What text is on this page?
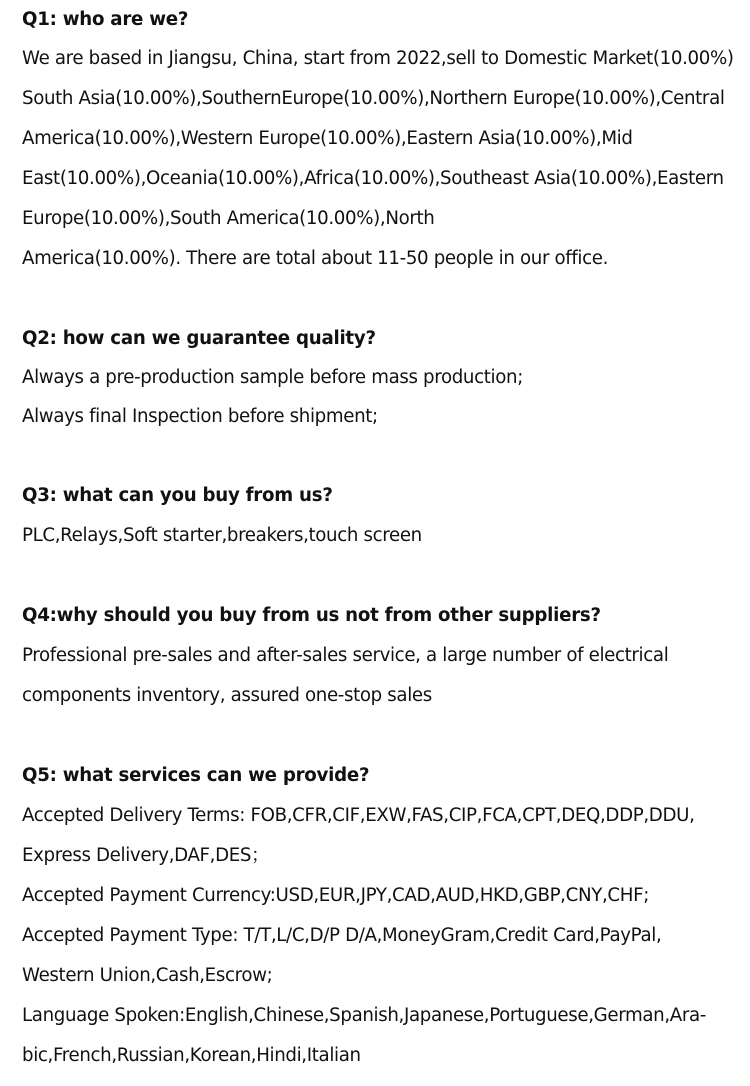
Q1: who are we?
We are based in Jiangsu, China, start from 2022,sell to Domestic Market(10.00%)
South Asia(10.00%),SouthernEurope(10.00%),Northern Europe(10.00%),Central
America(10.00%),Western Europe(10.00%),Eastern Asia(10.00%),Mid
East(10.00%),Oceania(10.00%),Africa(10.00%),Southeast Asia(10.00%),Eastern
Europe(10.00%),South America(10.00%),North
America(10.00%). There are total about 11-50 people in our office.
Q2: how can we guarantee quality?
Always a pre-production sample before mass production;
Always final Inspection before shipment;
Q3: what can you buy from us?
PLC,Relays,Soft starter,breakers,touch screen
Q4:why should you buy from us not from other suppliers?
Professional pre-sales and after-sales service, a large number of electrical
components inventory, assured one-stop sales
Q5: what services can we provide?
Accepted Delivery Terms: FOB,CFR,CIF,EXW,FAS,CIP,FCA,CPT,DEQ,DDP,DDU,
Express Delivery,DAF,DES；
Accepted Payment Currency:USD,EUR,JPY,CAD,AUD,HKD,GBP,CNY,CHF;
Accepted Payment Type: T/T,L/C,D/P D/A,MoneyGram,Credit Card,PayPal,
Western Union,Cash,Escrow;
Language Spoken:English,Chinese,Spanish,Japanese,Portuguese,German,Ara-
bic,French,Russian,Korean,Hindi,Italian
